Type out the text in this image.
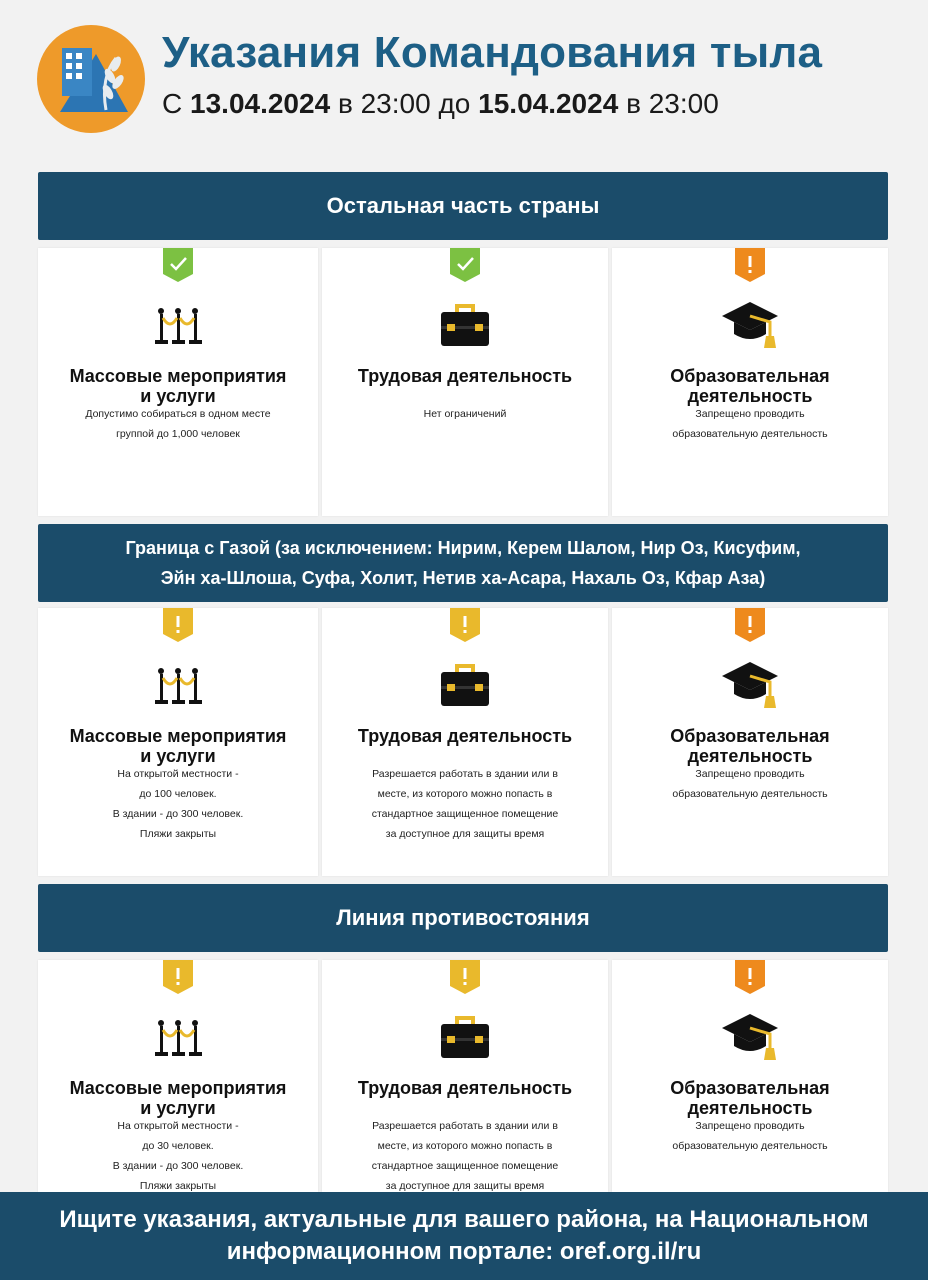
Указания Командования тыла
С 13.04.2024 в 23:00 до 15.04.2024 в 23:00
Остальная часть страны
Граница с Газой (за исключением: Нирим, Керем Шалом, Нир Оз, Кисуфим,
Эйн ха-Шлоша, Суфа, Холит, Нетив ха-Асара, Нахаль Оз, Кфар Аза)
Линия противостояния
Массовые мероприятия
и услуги
Допустимо собираться в одном месте
группой до 1,000 человек
Трудовая деятельность
Нет ограничений
Образовательная
деятельность
Запрещено проводить
образовательную деятельность
Массовые мероприятия
и услуги
На открытой местности -
до 100 человек.
В здании - до 300 человек.
Пляжи закрыты
Трудовая деятельность
Разрешается работать в здании или в
месте, из которого можно попасть в
стандартное защищенное помещение
за доступное для защиты время
Образовательная
деятельность
Запрещено проводить
образовательную деятельность
Массовые мероприятия
и услуги
На открытой местности -
до 30 человек.
В здании - до 300 человек.
Пляжи закрыты
Трудовая деятельность
Разрешается работать в здании или в
месте, из которого можно попасть в
стандартное защищенное помещение
за доступное для защиты время
Образовательная
деятельность
Запрещено проводить
образовательную деятельность
Ищите указания, актуальные для вашего района, на Национальном
информационном портале: oref.org.il/ru
